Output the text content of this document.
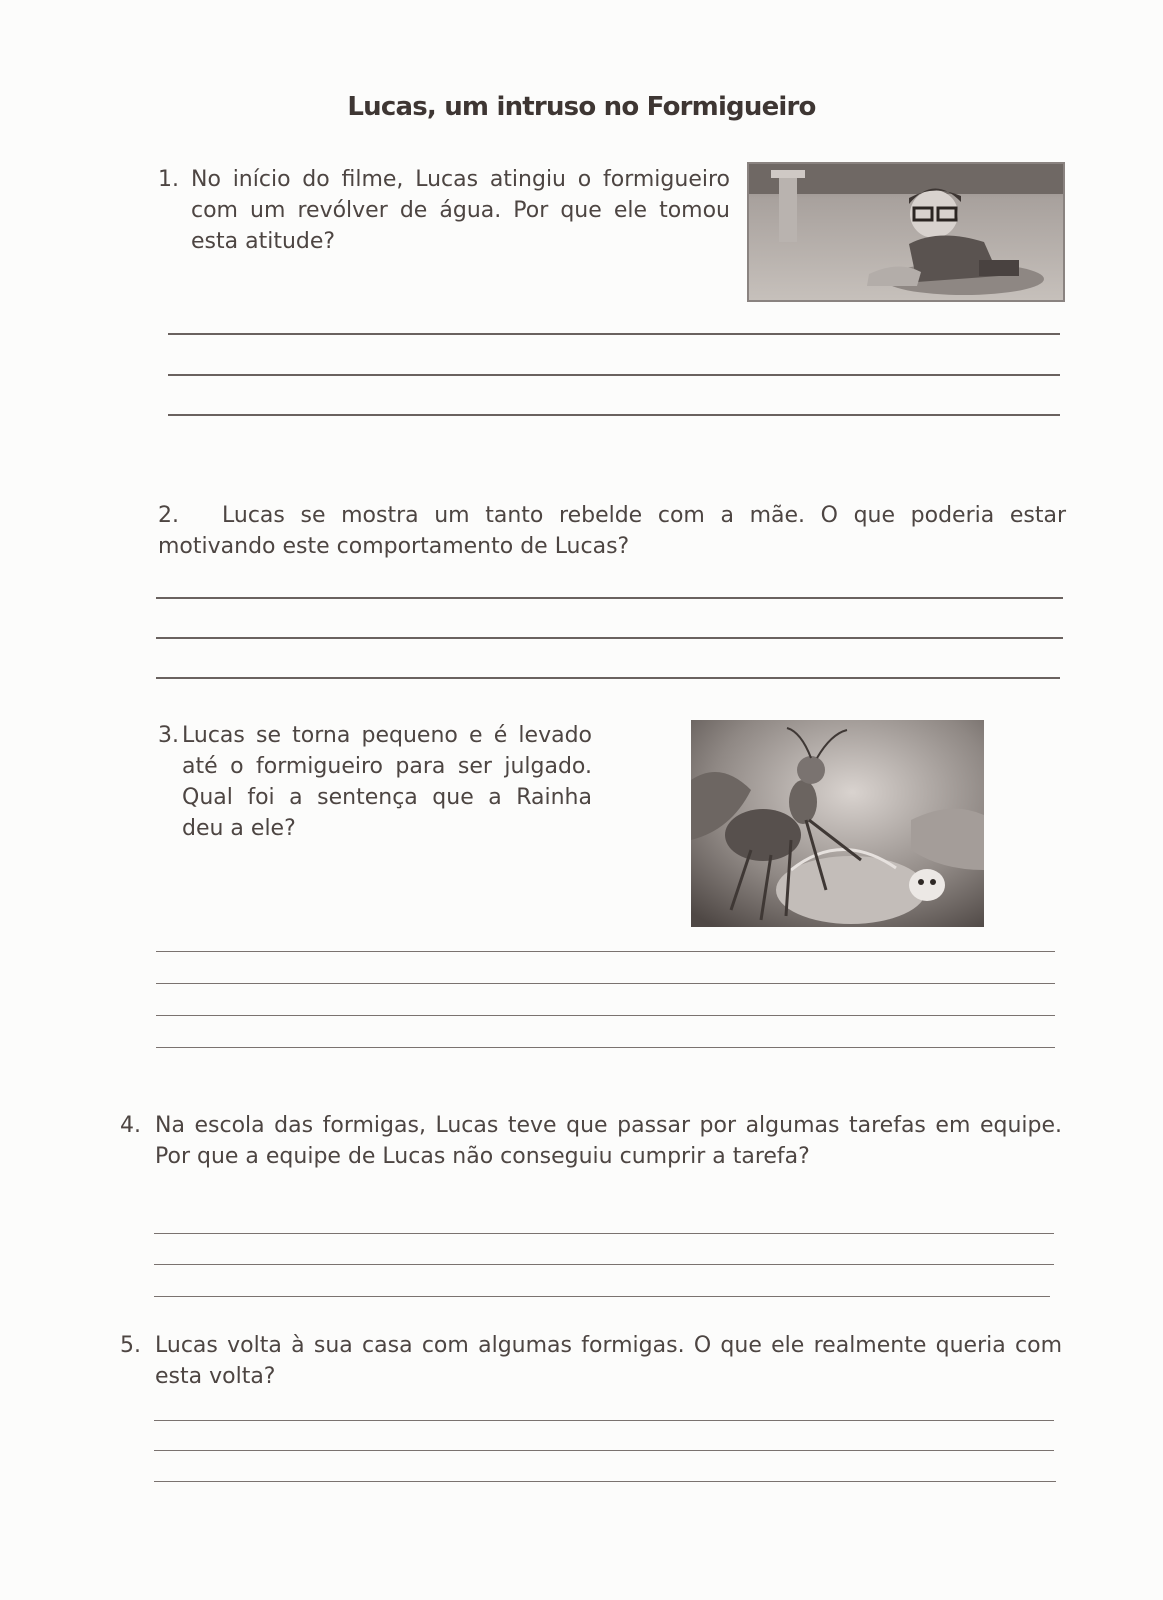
Lucas, um intruso no Formigueiro
1. No início do filme, Lucas atingiu o formigueiro com um revólver de água. Por que ele tomou esta atitude?
2. Lucas se mostra um tanto rebelde com a mãe. O que poderia estar motivando este comportamento de Lucas?
3. Lucas se torna pequeno e é levado até o formigueiro para ser julgado. Qual foi a sentença que a Rainha deu a ele?
4. Na escola das formigas, Lucas teve que passar por algumas tarefas em equipe. Por que a equipe de Lucas não conseguiu cumprir a tarefa?
5. Lucas volta à sua casa com algumas formigas. O que ele realmente queria com esta volta?
